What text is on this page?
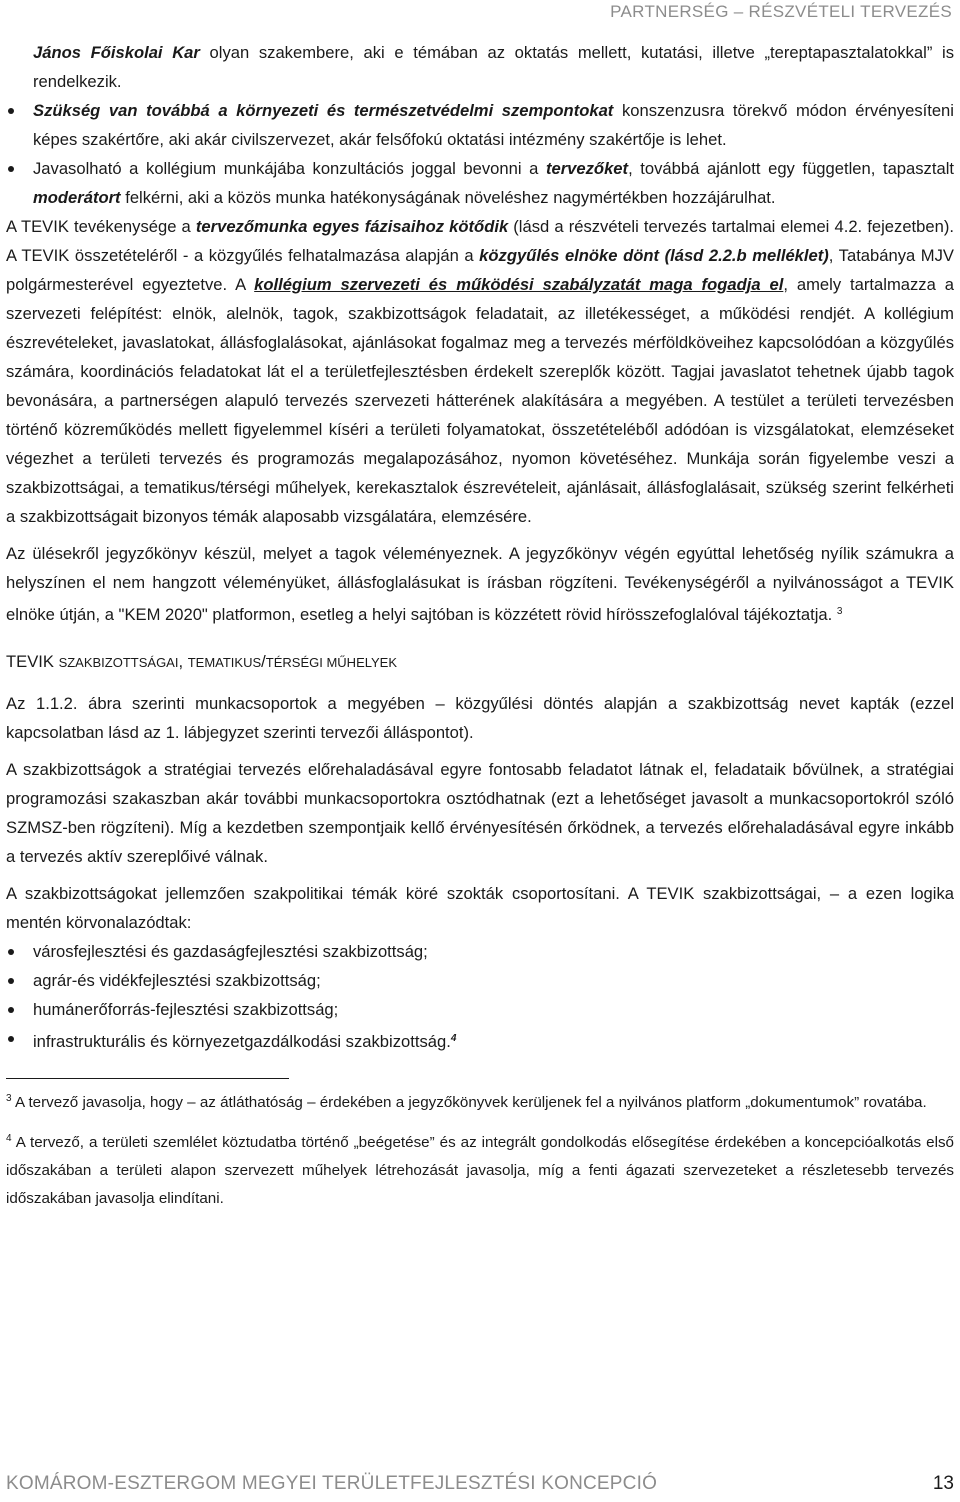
PARTNERSÉG – RÉSZVÉTELI TERVEZÉS

János Főiskolai Kar olyan szakembere, aki e témában az oktatás mellett, kutatási, illetve „tereptapasztalatokkal” is rendelkezik.

Szükség van továbbá a környezeti és természetvédelmi szempontokat konszenzusra törekvő módon érvényesíteni képes szakértőre, aki akár civilszervezet, akár felsőfokú oktatási intézmény szakértője is lehet.
Javasolható a kollégium munkájába konzultációs joggal bevonni a tervezőket, továbbá ajánlott egy független, tapasztalt moderátort felkérni, aki a közös munka hatékonyságának növeléshez nagymértékben hozzájárulhat.

A TEVIK tevékenysége a tervezőmunka egyes fázisaihoz kötődik (lásd a részvételi tervezés tartalmai elemei 4.2. fejezetben). A TEVIK összetételéről - a közgyűlés felhatalmazása alapján a közgyűlés elnöke dönt (lásd 2.2.b melléklet), Tatabánya MJV polgármesterével egyeztetve. A kollégium szervezeti és működési szabályzatát maga fogadja el, amely tartalmazza a szervezeti felépítést: elnök, alelnök, tagok, szakbizottságok feladatait, az illetékességet, a működési rendjét. A kollégium észrevételeket, javaslatokat, állásfoglalásokat, ajánlásokat fogalmaz meg a tervezés mérföldköveihez kapcsolódóan a közgyűlés számára, koordinációs feladatokat lát el a területfejlesztésben érdekelt szereplők között. Tagjai javaslatot tehetnek újabb tagok bevonására, a partnerségen alapuló tervezés szervezeti hátterének alakítására a megyében. A testület a területi tervezésben történő közreműködés mellett figyelemmel kíséri a területi folyamatokat, összetételéből adódóan is vizsgálatokat, elemzéseket végezhet a területi tervezés és programozás megalapozásához, nyomon követéséhez. Munkája során figyelembe veszi a szakbizottságai, a tematikus/térségi műhelyek, kerekasztalok észrevételeit, ajánlásait, állásfoglalásait, szükség szerint felkérheti a szakbizottságait bizonyos témák alaposabb vizsgálatára, elemzésére.

Az ülésekről jegyzőkönyv készül, melyet a tagok véleményeznek. A jegyzőkönyv végén egyúttal lehetőség nyílik számukra a helyszínen el nem hangzott véleményüket, állásfoglalásukat is írásban rögzíteni. Tevékenységéről a nyilvánosságot a TEVIK elnöke útján, a "KEM 2020" platformon, esetleg a helyi sajtóban is közzétett rövid hírösszefoglalóval tájékoztatja. $^3$

TEVIK SZAKBIZOTTSÁGAI, TEMATIKUS/TÉRSÉGI MŰHELYEK

Az 1.1.2. ábra szerinti munkacsoportok a megyében – közgyűlési döntés alapján a szakbizottság nevet kapták (ezzel kapcsolatban lásd az 1. lábjegyzet szerinti tervezői álláspontot).

A szakbizottságok a stratégiai tervezés előrehaladásával egyre fontosabb feladatot látnak el, feladataik bővülnek, a stratégiai programozási szakaszban akár további munkacsoportokra osztódhatnak (ezt a lehetőséget javasolt a munkacsoportokról szóló SZMSZ-ben rögzíteni). Míg a kezdetben szempontjaik kellő érvényesítésén őrködnek, a tervezés előrehaladásával egyre inkább a tervezés aktív szereplőivé válnak.

A szakbizottságokat jellemzően szakpolitikai témák köré szokták csoportosítani. A TEVIK szakbizottságai, – a ezen logika mentén körvonalazódtak:

városfejlesztési és gazdaságfejlesztési szakbizottság;
agrár-és vidékfejlesztési szakbizottság;
humánerőforrás-fejlesztési szakbizottság;
infrastrukturális és környezetgazdálkodási szakbizottság.$^4$
$^3$ A tervező javasolja, hogy – az átláthatóság – érdekében a jegyzőkönyvek kerüljenek fel a nyilvános platform „dokumentumok” rovatába.
$^4$ A tervező, a területi szemlélet köztudatba történő „beégetése” és az integrált gondolkodás elősegítése érdekében a koncepcióalkotás első időszakában a területi alapon szervezett műhelyek létrehozását javasolja, míg a fenti ágazati szervezeteket a részletesebb tervezés időszakában javasolja elindítani.
KOMÁROM-ESZTERGOM MEGYEI TERÜLETFEJLESZTÉSI KONCEPCIÓ	13
